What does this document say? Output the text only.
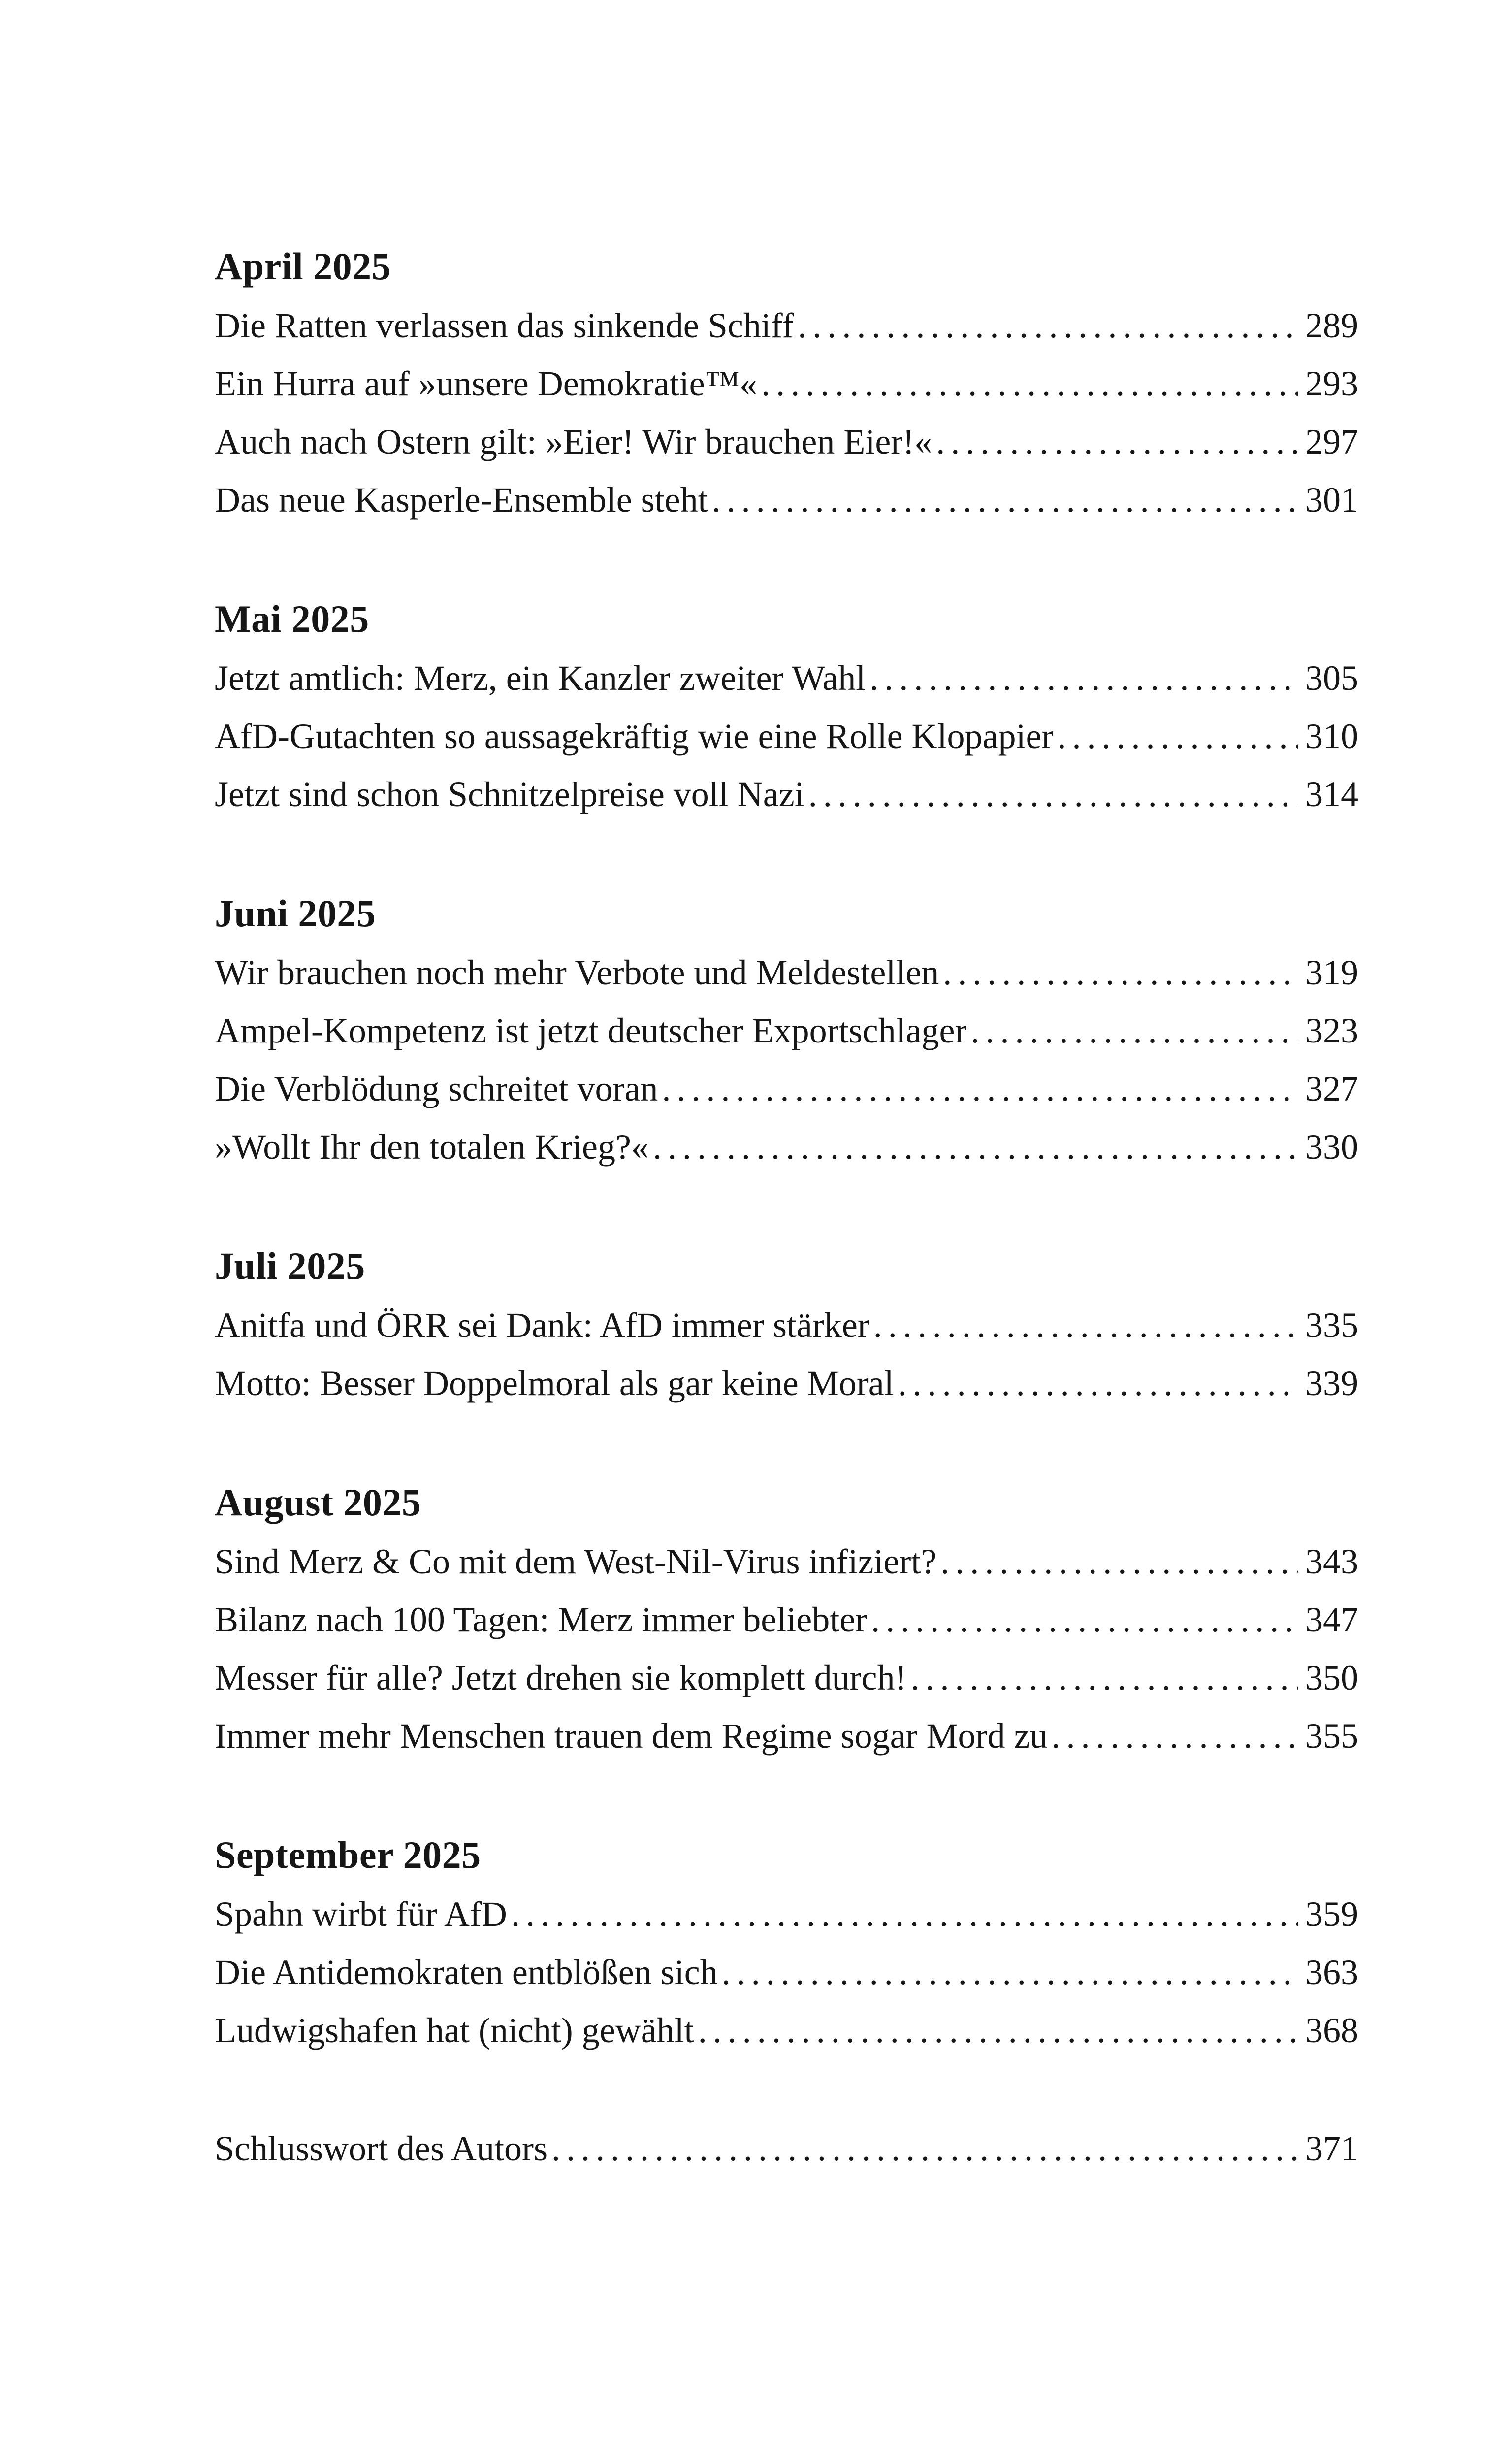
April 2025
Die Ratten verlassen das sinkende Schiff .....	289
Ein Hurra auf »unsere Demokratie™« .....	293
Auch nach Ostern gilt: »Eier! Wir brauchen Eier!« .....	297
Das neue Kasperle-Ensemble steht .....	301
Mai 2025
Jetzt amtlich: Merz, ein Kanzler zweiter Wahl .....	305
AfD-Gutachten so aussagekräftig wie eine Rolle Klopapier .....	310
Jetzt sind schon Schnitzelpreise voll Nazi .....	314
Juni 2025
Wir brauchen noch mehr Verbote und Meldestellen .....	319
Ampel-Kompetenz ist jetzt deutscher Exportschlager .....	323
Die Verblödung schreitet voran .....	327
»Wollt Ihr den totalen Krieg?« .....	330
Juli 2025
Anitfa und ÖRR sei Dank: AfD immer stärker .....	335
Motto: Besser Doppelmoral als gar keine Moral .....	339
August 2025
Sind Merz & Co mit dem West-Nil-Virus infiziert? .....	343
Bilanz nach 100 Tagen: Merz immer beliebter .....	347
Messer für alle? Jetzt drehen sie komplett durch! .....	350
Immer mehr Menschen trauen dem Regime sogar Mord zu .....	355
September 2025
Spahn wirbt für AfD .....	359
Die Antidemokraten entblößen sich .....	363
Ludwigshafen hat (nicht) gewählt .....	368
Schlusswort des Autors .....	371
